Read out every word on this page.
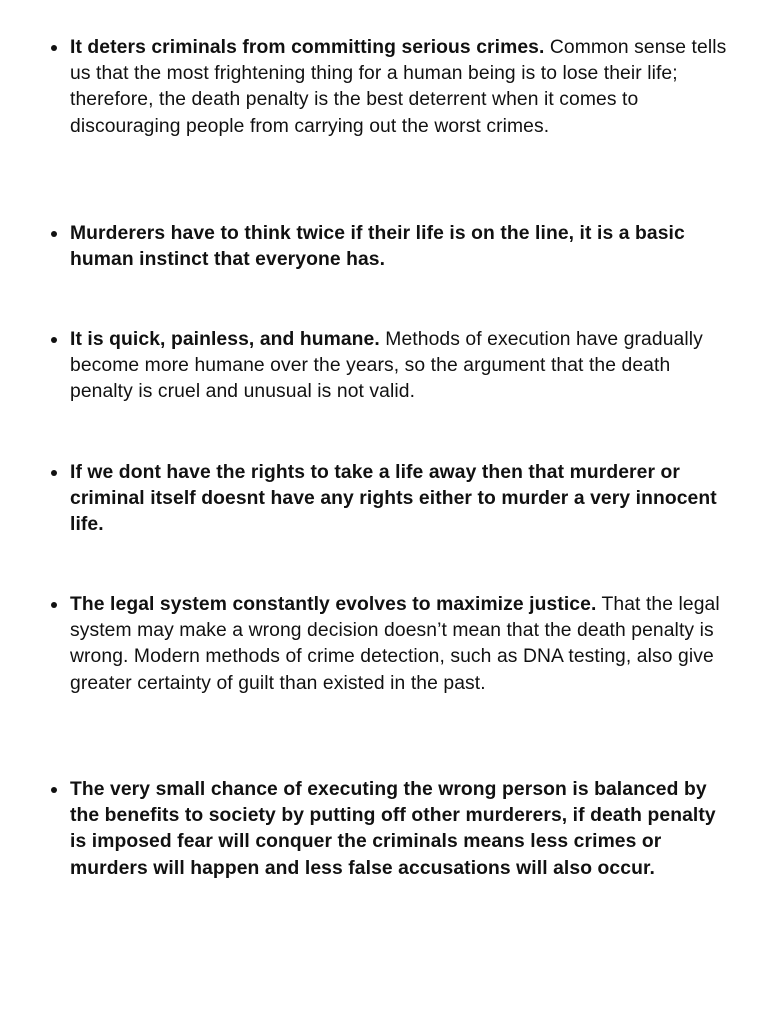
It deters criminals from committing serious crimes. Common sense tells us that the most frightening thing for a human being is to lose their life; therefore, the death penalty is the best deterrent when it comes to discouraging people from carrying out the worst crimes.
Murderers have to think twice if their life is on the line, it is a basic human instinct that everyone has.
It is quick, painless, and humane. Methods of execution have gradually become more humane over the years, so the argument that the death penalty is cruel and unusual is not valid.
If we dont have the rights to take a life away then that murderer or criminal itself doesnt have any rights either to murder a very innocent life.
The legal system constantly evolves to maximize justice. That the legal system may make a wrong decision doesn’t mean that the death penalty is wrong. Modern methods of crime detection, such as DNA testing, also give greater certainty of guilt than existed in the past.
The very small chance of executing the wrong person is balanced by the benefits to society by putting off other murderers, if death penalty is imposed fear will conquer the criminals means less crimes or murders will happen and less false accusations will also occur.
